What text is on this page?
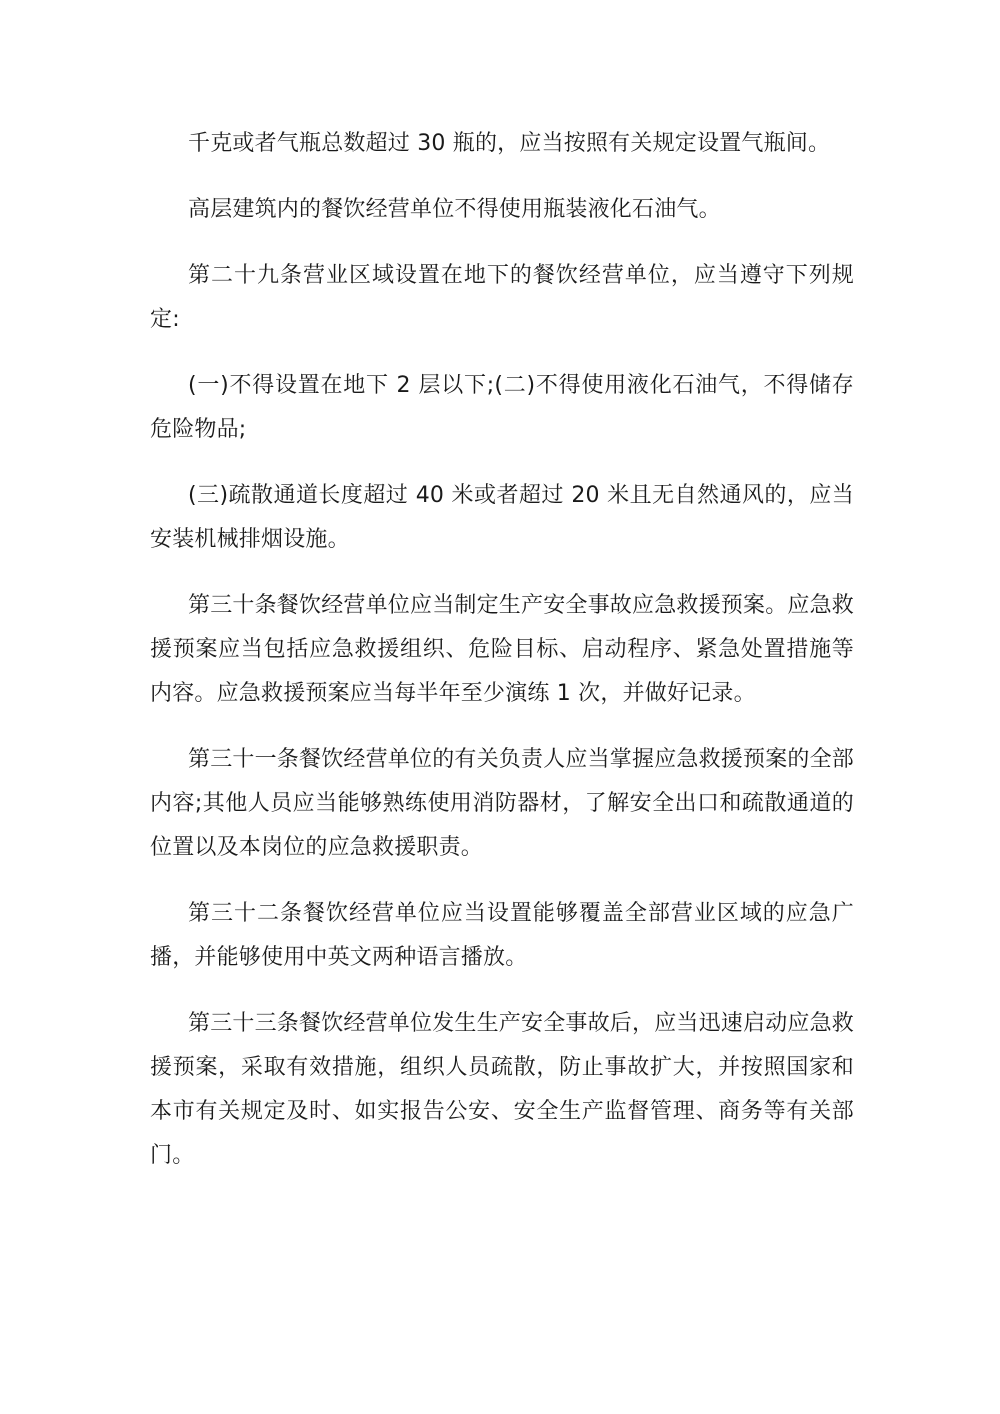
千克或者气瓶总数超过 30 瓶的，应当按照有关规定设置气瓶间。

高层建筑内的餐饮经营单位不得使用瓶装液化石油气。

第二十九条营业区域设置在地下的餐饮经营单位，应当遵守下列规定:

(一)不得设置在地下 2 层以下;(二)不得使用液化石油气，不得储存危险物品;

(三)疏散通道长度超过 40 米或者超过 20 米且无自然通风的，应当安装机械排烟设施。

第三十条餐饮经营单位应当制定生产安全事故应急救援预案。应急救援预案应当包括应急救援组织、危险目标、启动程序、紧急处置措施等内容。应急救援预案应当每半年至少演练 1 次，并做好记录。

第三十一条餐饮经营单位的有关负责人应当掌握应急救援预案的全部内容;其他人员应当能够熟练使用消防器材，了解安全出口和疏散通道的位置以及本岗位的应急救援职责。

第三十二条餐饮经营单位应当设置能够覆盖全部营业区域的应急广播，并能够使用中英文两种语言播放。

第三十三条餐饮经营单位发生生产安全事故后，应当迅速启动应急救援预案，采取有效措施，组织人员疏散，防止事故扩大，并按照国家和本市有关规定及时、如实报告公安、安全生产监督管理、商务等有关部门。
